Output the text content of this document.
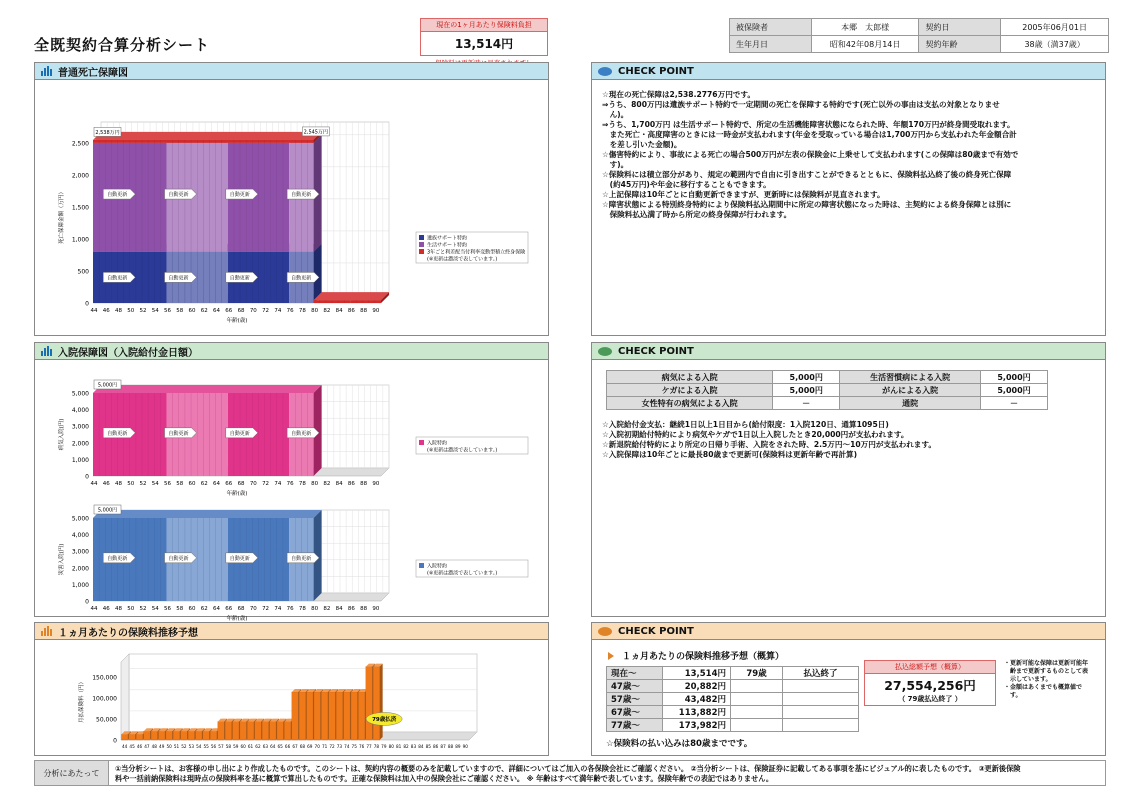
全既契約合算分析シート
現在の1ヶ月あたり保険料負担
13,514円
被保険者	本郷　太郎様	契約日	2005年06月01日
生年月日	昭和42年08月14日	契約年齢	38歳（満37歳）
普通死亡保障図
0
500
1,000
1,500
2,000
2,500
44 46 48 50 52 54 56 58 60 62 64 66 68 70 72 74 76 78 80 82 84 86 88 90
年齢(歳)
死亡保障金額（万円）	自動更新	自動更新	自動更新	自動更新
自動更新	自動更新	自動更新	自動更新
2,538万円	2,545万円
遺族サポート特約
生活サポート特約
3年ごと利差配当付利率変動型積立終身保険
(※更新は濃淡で表しています。)
CHECK POINT

☆現在の死亡保障は2,538.2776万円です。

⇒うち、800万円は遺族サポート特約で一定期間の死亡を保障する特約です(死亡以外の事由は支払の対象となりませ

　ん)。

⇒うち、1,700万円 は生活サポート特約で、所定の生活機能障害状態になられた時、年額170万円が終身間受取れます。

　また死亡・高度障害のときには一時金が支払われます(年金を受取っている場合は1,700万円から支払われた年金額合計

　を差し引いた金額)。

☆傷害特約により、事故による死亡の場合500万円が左表の保険金に上乗せして支払われます(この保障は80歳まで有効で

　す)。

☆保険料には積立部分があり、規定の範囲内で自由に引き出すことができるとともに、保険料払込終了後の終身死亡保障

　(約45万円)や年金に移行することもできます。

☆上記保障は10年ごとに自動更新できますが、更新時には保険料が見直されます。

☆障害状態による特別終身特約により保険料払込期間中に所定の障害状態になった時は、主契約による終身保障とは別に

　保険料払込満了時から所定の終身保障が行われます。

入院保障図（入院給付金日額）
0
1,000
2,000
3,000
4,000
5,000
44 46 48 50 52 54 56 58 60 62 64 66 68 70 72 74 76 78 80 82 84 86 88 90
年齢(歳)
病気入院(円)	自動更新	自動更新	自動更新	自動更新
5,000円
入院特約
(※更新は濃淡で表しています。)

0
1,000
2,000
3,000
4,000
5,000
44 46 48 50 52 54 56 58 60 62 64 66 68 70 72 74 76 78 80 82 84 86 88 90
年齢(歳)
災害入院(円)	自動更新	自動更新	自動更新	自動更新
5,000円
入院特約
(※更新は濃淡で表しています。)
CHECK POINT
病気による入院	5,000円	生活習慣病による入院	5,000円
ケガによる入院	5,000円	がんによる入院	5,000円
女性特有の病気による入院	－	通院	－

☆入院給付金支払：継続1日以上1日目から(給付限度：1入院120日、通算1095日)

☆入院初期給付特約により病気やケガで1日以上入院したとき20,000円が支払われます。

☆新退院給付特約により所定の日帰り手術、入院をされた時、2.5万円～10万円が支払われます。

☆入院保障は10年ごとに最長80歳まで更新可(保険料は更新年齢で再計算)

１ヵ月あたりの保険料推移予想
0
50,000
100,000
150,000
月払保険料（円）
44 45 46 47 48 49 50 51 52 53 54 55 56 57 58 59 60 61 62 63 64 65 66 67 68 69 70 71 72 73 74 75 76 77 78 79 80 81 82 83 84 85 86 87 88 89 90
79歳払済
CHECK POINT
１ヵ月あたりの保険料推移予想（概算）
現在～	13,514円	79歳	払込終了
47歳～	20,882円		
57歳～	43,482円		
67歳～	113,882円		
77歳～	173,982円		
☆保険料の払い込みは80歳までです。
払込総額予想（概算）
27,554,256円
（ 79歳払込終了 ）
・更新可能な保障は更新可能年
　齢まで更新するものとして表
　示しています。
・金額はあくまでも概算値で
　す。
分析にあたって	①当分析シートは、お客様の申し出により作成したものです。このシートは、契約内容の概要のみを記載していますので、詳細についてはご加入の各保険会社にご確認ください。 ②当分析シートは、保険証券に記載してある事項を基にビジュアル的に表したものです。 ③更新後保険
料や一括前納保険料は現時点の保険料率を基に概算で算出したものです。正確な保険料は加入中の保険会社にご確認ください。 ※ 年齢はすべて満年齢で表しています。保険年齢での表記ではありません。
